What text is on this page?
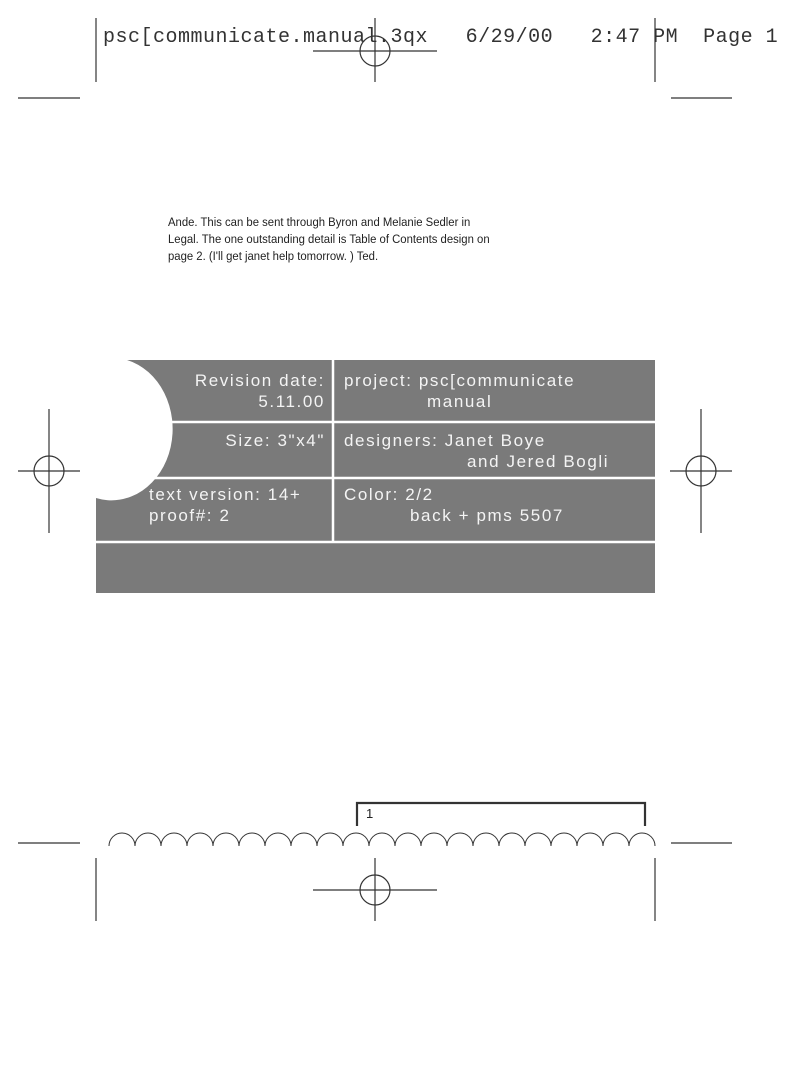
psc[communicate.manual.3qx 6/29/00 2:47 PM Page 1
Ande. This can be sent through Byron and Melanie Sedler in
Legal. The one outstanding detail is Table of Contents design on
page 2. (I'll get janet help tomorrow. ) Ted.
Revision date:
5.11.00
project: psc[communicate
manual
Size: 3"x4" designers: Janet Boye
and Jered Bogli
text version: 14+
proof#: 2
Color: 2/2
back + pms 5507
1
